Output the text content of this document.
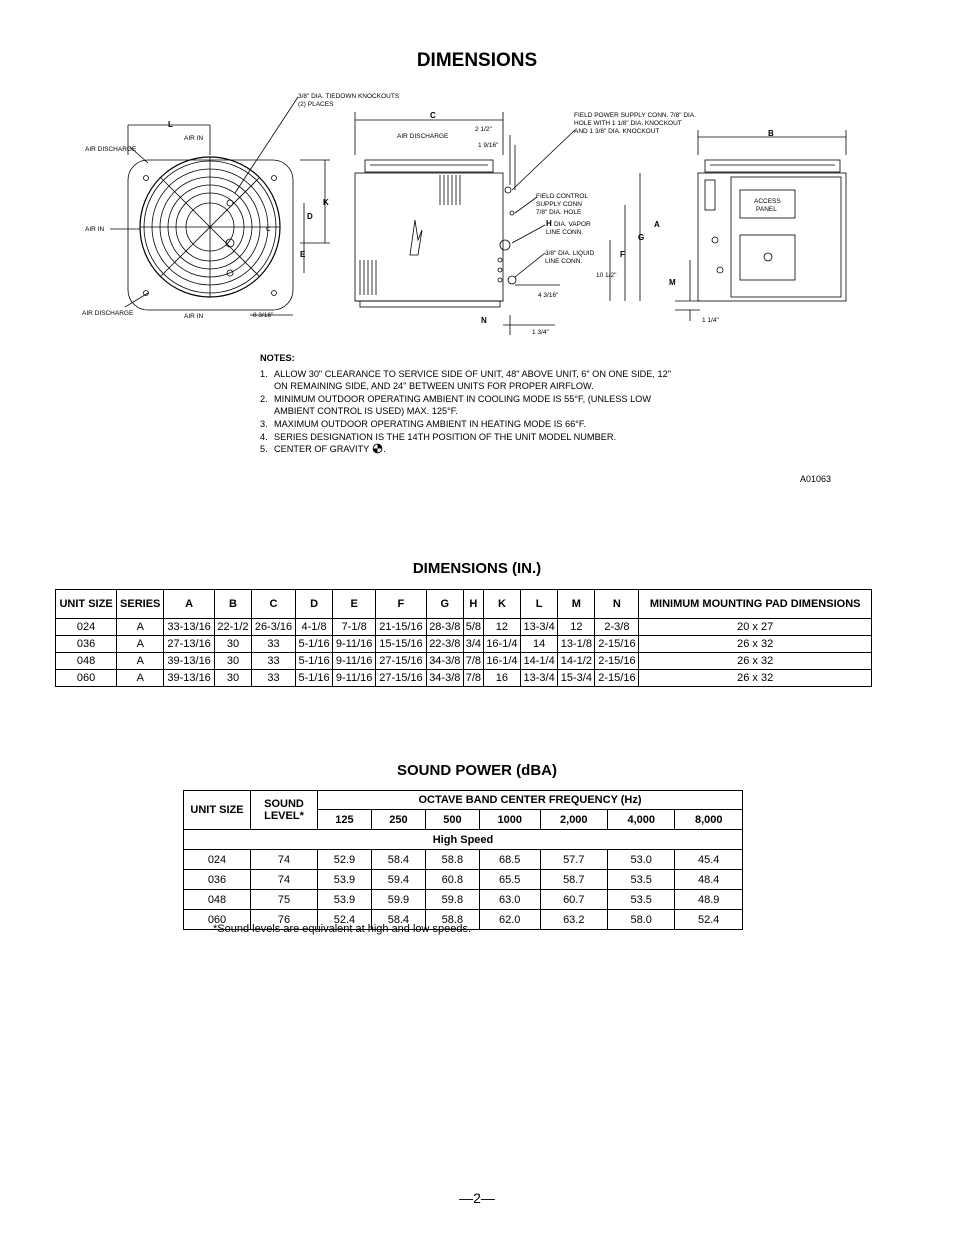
DIMENSIONS
3/8" DIA. TIEDOWN KNOCKOUTS
(2) PLACES
AIR DISCHARGE
AIR IN
AIR IN
AIR DISCHARGE	AIR IN
L
K
D
E
8 3/16"
C
C
AIR DISCHARGE
2 1/2"
1 9/16"
FIELD POWER SUPPLY CONN. 7/8" DIA.
HOLE WITH 1 1/8" DIA. KNOCKOUT
AND 1 3/8" DIA. KNOCKOUT
FIELD CONTROL
SUPPLY CONN
7/8" DIA. HOLE
H DIA. VAPOR
LINE CONN.
3/8" DIA. LIQUID
LINE CONN.
A
G
F
10 1/2"
4 3/16"
N
1 3/4"
B
ACCESS
PANEL
M
1 1/4"
NOTES:
1. ALLOW 30" CLEARANCE TO SERVICE SIDE OF UNIT, 48" ABOVE UNIT, 6" ON ONE SIDE, 12" ON REMAINING SIDE, AND 24" BETWEEN UNITS FOR PROPER AIRFLOW.
2. MINIMUM OUTDOOR OPERATING AMBIENT IN COOLING MODE IS 55°F, (UNLESS LOW AMBIENT CONTROL IS USED) MAX. 125°F.
3. MAXIMUM OUTDOOR OPERATING AMBIENT IN HEATING MODE IS 66°F.
4. SERIES DESIGNATION IS THE 14TH POSITION OF THE UNIT MODEL NUMBER.
5. CENTER OF GRAVITY .
A01063
DIMENSIONS (IN.)
UNIT SIZE	SERIES	A	B	C	D	E	F	G	H	K	L	M	N	MINIMUM MOUNTING PAD DIMENSIONS
024	A	33-13/16	22-1/2	26-3/16	4-1/8	7-1/8	21-15/16	28-3/8	5/8	12	13-3/4	12	2-3/8	20 x 27
036	A	27-13/16	30	33	5-1/16	9-11/16	15-15/16	22-3/8	3/4	16-1/4	14	13-1/8	2-15/16	26 x 32
048	A	39-13/16	30	33	5-1/16	9-11/16	27-15/16	34-3/8	7/8	16-1/4	14-1/4	14-1/2	2-15/16	26 x 32
060	A	39-13/16	30	33	5-1/16	9-11/16	27-15/16	34-3/8	7/8	16	13-3/4	15-3/4	2-15/16	26 x 32
SOUND POWER (dBA)
UNIT SIZE	SOUND LEVEL*	OCTAVE BAND CENTER FREQUENCY (Hz)						
		125	250	500	1000	2,000	4,000	8,000
High Speed								
024	74	52.9	58.4	58.8	68.5	57.7	53.0	45.4
036	74	53.9	59.4	60.8	65.5	58.7	53.5	48.4
048	75	53.9	59.9	59.8	63.0	60.7	53.5	48.9
060	76	52.4	58.4	58.8	62.0	63.2	58.0	52.4
*Sound levels are equivalent at high and low speeds.
—2—
